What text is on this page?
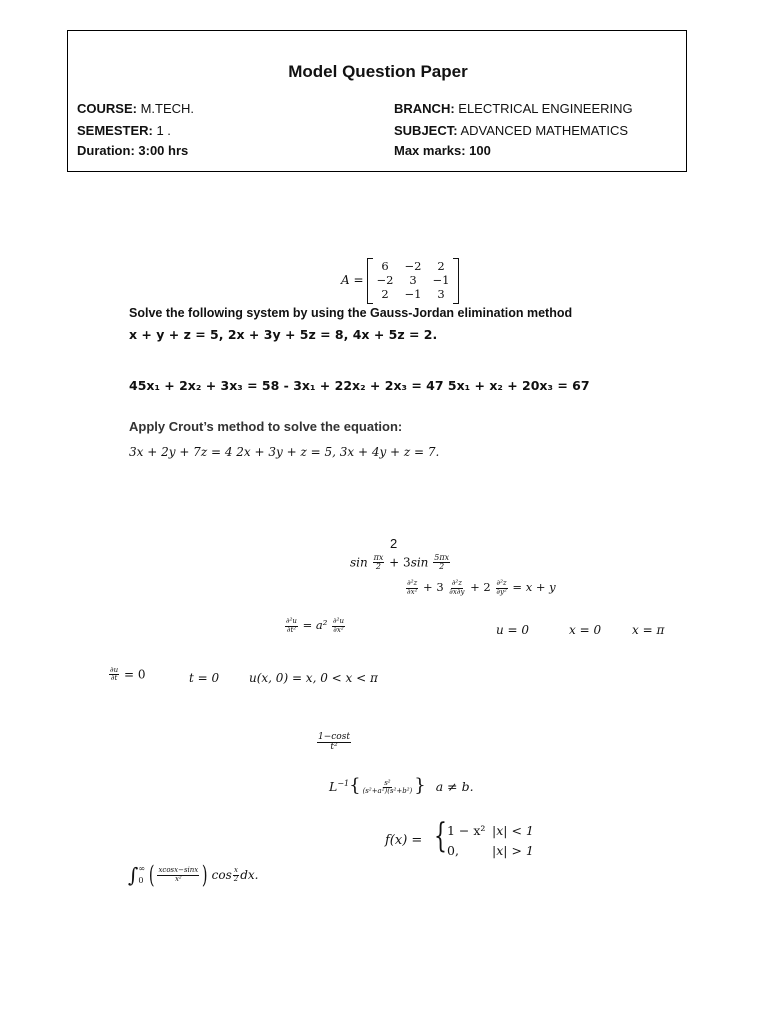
Model Question Paper
COURSE: M.TECH.
SEMESTER: 1 .
Duration: 3:00 hrs
BRANCH: ELECTRICAL ENGINEERING
SUBJECT: ADVANCED MATHEMATICS
Max marks: 100
A =
6	−2	2
−2	3	−1
2	−1	3
Solve the following system by using the Gauss-Jordan elimination method
x + y + z = 5, 2x + 3y + 5z = 8, 4x + 5z = 2.
45x₁ + 2x₂ + 3x₃ = 58 - 3x₁ + 22x₂ + 2x₃ = 47 5x₁ + x₂ + 20x₃ = 67
Apply Crout’s method to solve the equation:
3x + 2y + 7z = 4 2x + 3y + z = 5, 3x + 4y + z = 7.
2
$\sin \frac{\pi x}{2} + 3\sin \frac{5\pi x}{2}$
$\frac{\text{∂²z}}{\text{∂x²}} + 3 \frac{\text{∂²z}}{\partial x\partial y} + 2 \frac{\text{∂²z}}{\text{∂y²}} = x + y$
$\frac{\text{∂²u}}{\text{∂t²}} = a^2 \frac{\text{∂²u}}{\text{∂x²}}$	u = 0	x = 0	x = π
$\frac{\partial u}{\partial t} = 0$	t = 0 u(x, 0) = x, 0 < x < π
$\frac{1-\cos t}{\text{t²}}$
$L^{-1}\{ \frac{\text{s²}}{\text{(s²+a²)(s²+b²)}}$ } a ≠ b.
f(x) = { 1 − x² |x| < 1
0,	|x| > 1
∫ ∞
0 ( $\frac{xcosx-\sin x}{\text{x²}}$ ) $\cos \frac{x}{2}$ dx.
